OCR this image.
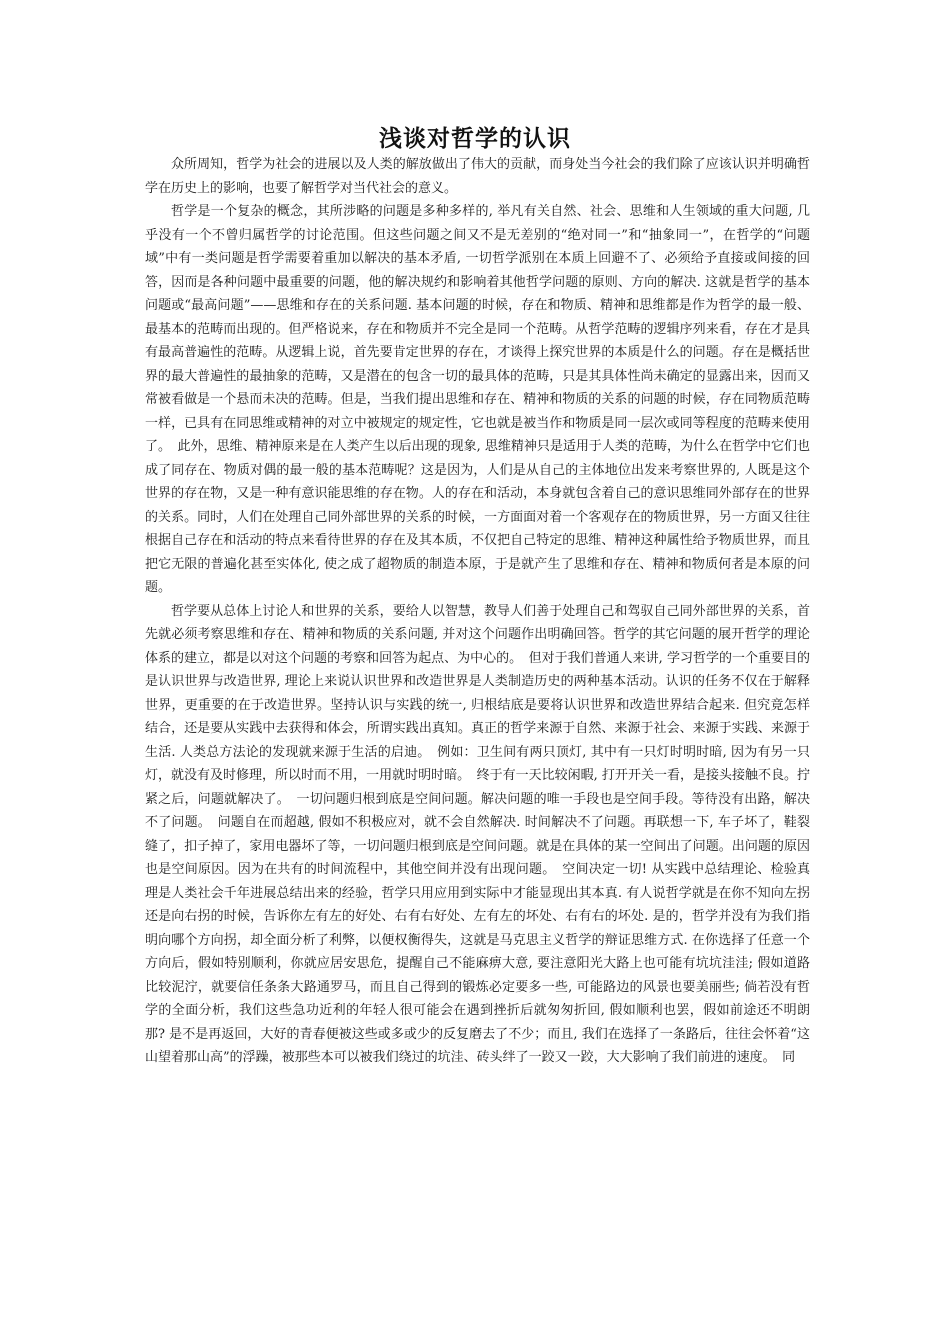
浅谈对哲学的认识

众所周知，哲学为社会的进展以及人类的解放做出了伟大的贡献，而身处当今社会的我们除了应该认识并明确哲学在历史上的影响，也要了解哲学对当代社会的意义。

哲学是一个复杂的概念，其所涉略的问题是多种多样的, 举凡有关自然、社会、思维和人生领域的重大问题, 几乎没有一个不曾归属哲学的讨论范围。但这些问题之间又不是无差别的“绝对同一”和“抽象同一”，在哲学的“问题域”中有一类问题是哲学需要着重加以解决的基本矛盾, 一切哲学派别在本质上回避不了、必须给予直接或间接的回答，因而是各种问题中最重要的问题，他的解决规约和影响着其他哲学问题的原则、方向的解决. 这就是哲学的基本问题或“最高问题”——思维和存在的关系问题. 基本问题的时候，存在和物质、精神和思维都是作为哲学的最一般、最基本的范畴而出现的。但严格说来，存在和物质并不完全是同一个范畴。从哲学范畴的逻辑序列来看，存在才是具有最高普遍性的范畴。从逻辑上说，首先要肯定世界的存在，才谈得上探究世界的本质是什么的问题。存在是概括世界的最大普遍性的最抽象的范畴，又是潜在的包含一切的最具体的范畴，只是其具体性尚未确定的显露出来，因而又常被看做是一个悬而未决的范畴。但是，当我们提出思维和存在、精神和物质的关系的问题的时候，存在同物质范畴一样，已具有在同思维或精神的对立中被规定的规定性，它也就是被当作和物质是同一层次或同等程度的范畴来使用了。　此外，思维、精神原来是在人类产生以后出现的现象, 思维精神只是适用于人类的范畴，为什么在哲学中它们也成了同存在、物质对偶的最一般的基本范畴呢？这是因为，人们是从自己的主体地位出发来考察世界的, 人既是这个世界的存在物，又是一种有意识能思维的存在物。人的存在和活动，本身就包含着自己的意识思维同外部存在的世界的关系。同时，人们在处理自己同外部世界的关系的时候，一方面面对着一个客观存在的物质世界，另一方面又往往根据自己存在和活动的特点来看待世界的存在及其本质，不仅把自己特定的思维、精神这种属性给予物质世界，而且把它无限的普遍化甚至实体化, 使之成了超物质的制造本原，于是就产生了思维和存在、精神和物质何者是本原的问题。

哲学要从总体上讨论人和世界的关系，要给人以智慧，教导人们善于处理自己和驾驭自己同外部世界的关系，首先就必须考察思维和存在、精神和物质的关系问题, 并对这个问题作出明确回答。哲学的其它问题的展开哲学的理论体系的建立，都是以对这个问题的考察和回答为起点、为中心的。　但对于我们普通人来讲, 学习哲学的一个重要目的是认识世界与改造世界, 理论上来说认识世界和改造世界是人类制造历史的两种基本活动。认识的任务不仅在于解释世界，更重要的在于改造世界。坚持认识与实践的统一, 归根结底是要将认识世界和改造世界结合起来. 但究竟怎样结合，还是要从实践中去获得和体会，所谓实践出真知。真正的哲学来源于自然、来源于社会、来源于实践、来源于生活. 人类总方法论的发现就来源于生活的启迪。　例如：卫生间有两只顶灯, 其中有一只灯时明时暗, 因为有另一只灯，就没有及时修理，所以时而不用，一用就时明时暗。　终于有一天比较闲暇, 打开开关一看，是接头接触不良。拧紧之后，问题就解决了。　一切问题归根到底是空间问题。解决问题的唯一手段也是空间手段。等待没有出路，解决不了问题。　问题自在而超越, 假如不积极应对，就不会自然解决. 时间解决不了问题。再联想一下, 车子坏了，鞋裂缝了，扣子掉了，家用电器坏了等，一切问题归根到底是空间问题。就是在具体的某一空间出了问题。出问题的原因也是空间原因。因为在共有的时间流程中，其他空间并没有出现问题。　空间决定一切! 从实践中总结理论、检验真理是人类社会千年进展总结出来的经验，哲学只用应用到实际中才能显现出其本真. 有人说哲学就是在你不知向左拐还是向右拐的时候，告诉你左有左的好处、右有右好处、左有左的坏处、右有右的坏处. 是的，哲学并没有为我们指明向哪个方向拐，却全面分析了利弊，以便权衡得失，这就是马克思主义哲学的辩证思维方式. 在你选择了任意一个方向后，假如特别顺利，你就应居安思危，提醒自己不能麻痹大意, 要注意阳光大路上也可能有坑坑洼洼; 假如道路比较泥泞，就要信任条条大路通罗马，而且自己得到的锻炼必定要多一些, 可能路边的风景也要美丽些; 倘若没有哲学的全面分析，我们这些急功近利的年轻人很可能会在遇到挫折后就匆匆折回, 假如顺利也罢，假如前途还不明朗那? 是不是再返回，大好的青春便被这些或多或少的反复磨去了不少；而且, 我们在选择了一条路后，往往会怀着“这山望着那山高”的浮躁，被那些本可以被我们绕过的坑洼、砖头绊了一跤又一跤，大大影响了我们前进的速度。　同
